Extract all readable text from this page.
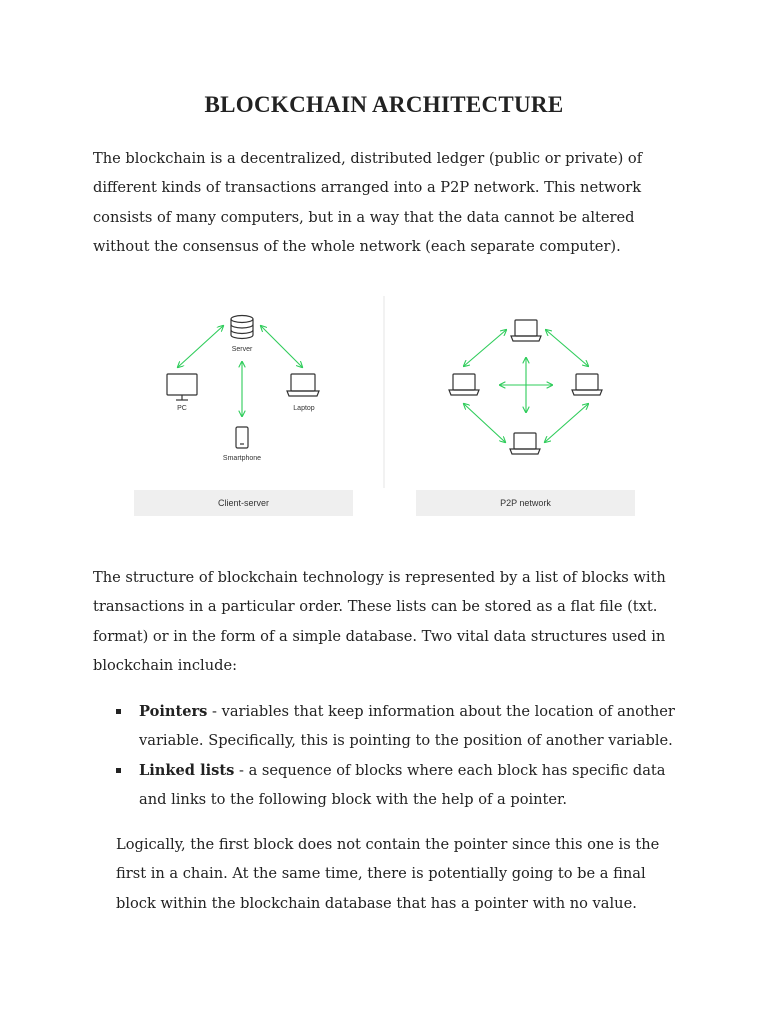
BLOCKCHAIN ARCHITECTURE

The blockchain is a decentralized, distributed ledger (public or private) of different kinds of transactions arranged into a P2P network. This network consists of many computers, but in a way that the data cannot be altered without the consensus of the whole network (each separate computer).

Server
PC	Laptop
Smartphone
Client-server	P2P network

The structure of blockchain technology is represented by a list of blocks with transactions in a particular order. These lists can be stored as a flat file (txt. format) or in the form of a simple database. Two vital data structures used in blockchain include:

Pointers - variables that keep information about the location of another variable. Specifically, this is pointing to the position of another variable.
Linked lists - a sequence of blocks where each block has specific data and links to the following block with the help of a pointer.

Logically, the first block does not contain the pointer since this one is the first in a chain. At the same time, there is potentially going to be a final block within the blockchain database that has a pointer with no value.
